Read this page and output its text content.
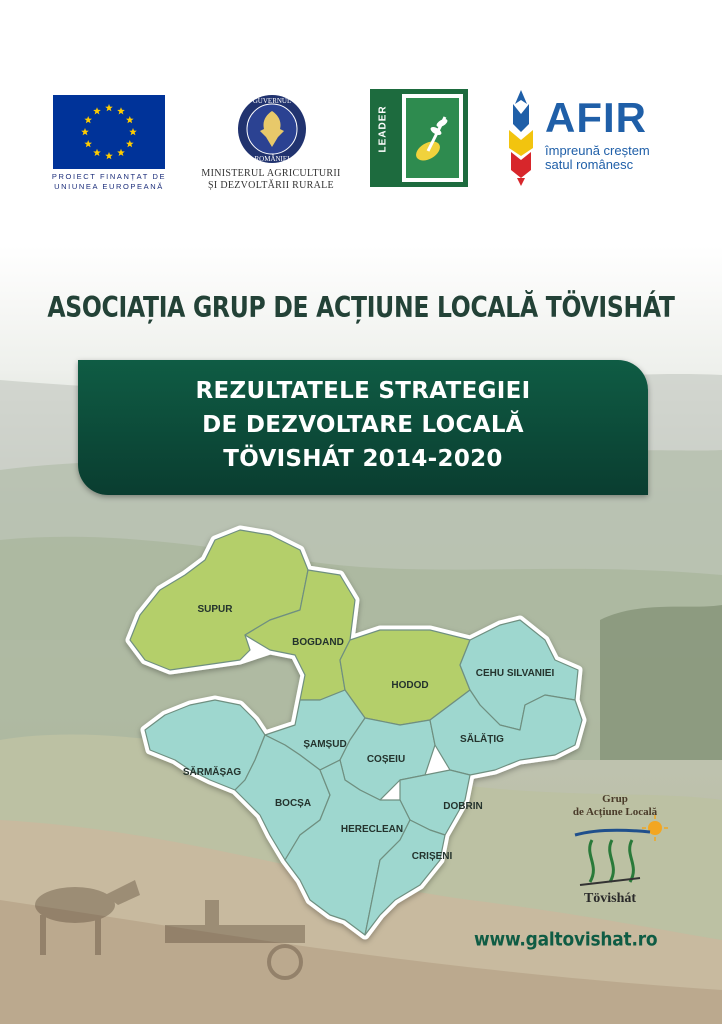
PROIECT FINANȚAT DE
UNIUNEA EUROPEANĂ
GUVERNUL
ROMÂNIEI
MINISTERUL AGRICULTURII
ȘI DEZVOLTĂRII RURALE
LEADER	AFIR
împreună creștem
satul românesc
ASOCIAȚIA GRUP DE ACȚIUNE LOCALĂ TÖVISHÁT
REZULTATELE STRATEGIEI
DE DEZVOLTARE LOCALĂ
TÖVISHÁT 2014-2020
SUPUR
BOGDAND
HODOD
CEHU SILVANIEI
ȘAMȘUD
COȘEIU
SĂLĂȚIG
SĂRMĂȘAG
BOCȘA	DOBRIN
HERECLEAN
CRIȘENI
Grup
de Acțiune Locală
Tövishát
www.galtovishat.ro
